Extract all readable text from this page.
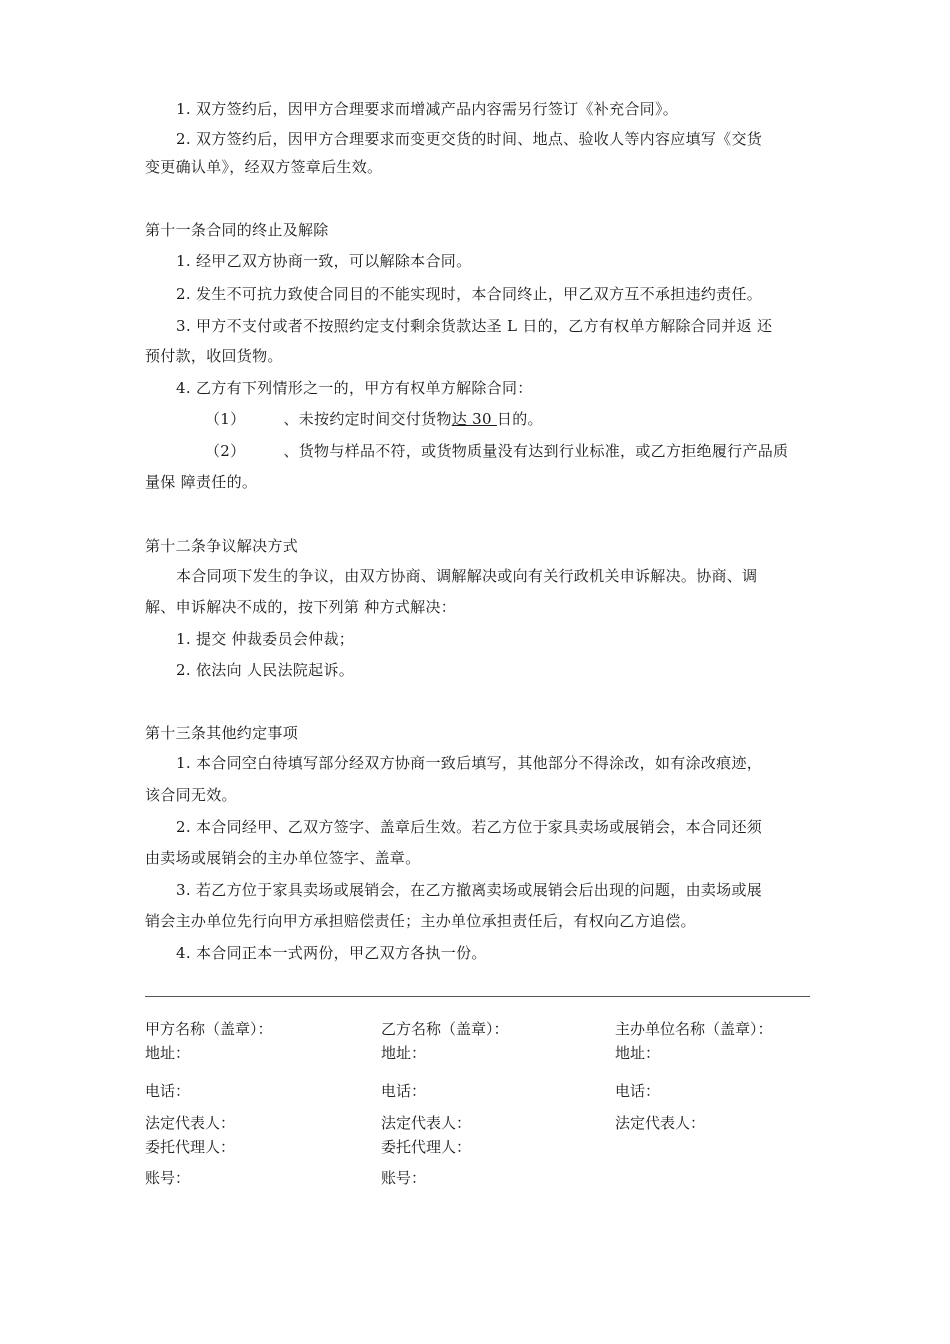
1. 双方签约后，因甲方合理要求而增减产品内容需另行签订《补充合同》。
2. 双方签约后，因甲方合理要求而变更交货的时间、地点、验收人等内容应填写《交货
变更确认单》，经双方签章后生效。
第十一条合同的终止及解除
1. 经甲乙双方协商一致，可以解除本合同。
2. 发生不可抗力致使合同目的不能实现时，本合同终止，甲乙双方互不承担违约责任。
3. 甲方不支付或者不按照约定支付剩余货款达圣 L 日的，乙方有权单方解除合同并返 还
预付款，收回货物。
4. 乙方有下列情形之一的，甲方有权单方解除合同：
（1）	、未按约定时间交付货物达 30 日的。
（2）	、货物与样品不符，或货物质量没有达到行业标准，或乙方拒绝履行产品质
量保 障责任的。
第十二条争议解决方式
本合同项下发生的争议，由双方协商、调解解决或向有关行政机关申诉解决。协商、调
解、申诉解决不成的，按下列第 种方式解决：
1. 提交 仲裁委员会仲裁；
2. 依法向 人民法院起诉。
第十三条其他约定事项
1. 本合同空白待填写部分经双方协商一致后填写，其他部分不得涂改，如有涂改痕迹，
该合同无效。
2. 本合同经甲、乙双方签字、盖章后生效。若乙方位于家具卖场或展销会，本合同还须
由卖场或展销会的主办单位签字、盖章。
3. 若乙方位于家具卖场或展销会，在乙方撤离卖场或展销会后出现的问题，由卖场或展
销会主办单位先行向甲方承担赔偿责任；主办单位承担责任后，有权向乙方追偿。
4. 本合同正本一式两份，甲乙双方各执一份。
甲方名称（盖章）：
地址：
电话：
法定代表人：
委托代理人：
账号：
乙方名称（盖章）：
地址：
电话：
法定代表人：
委托代理人：
账号：
主办单位名称（盖章）：
地址：
电话：
法定代表人：
